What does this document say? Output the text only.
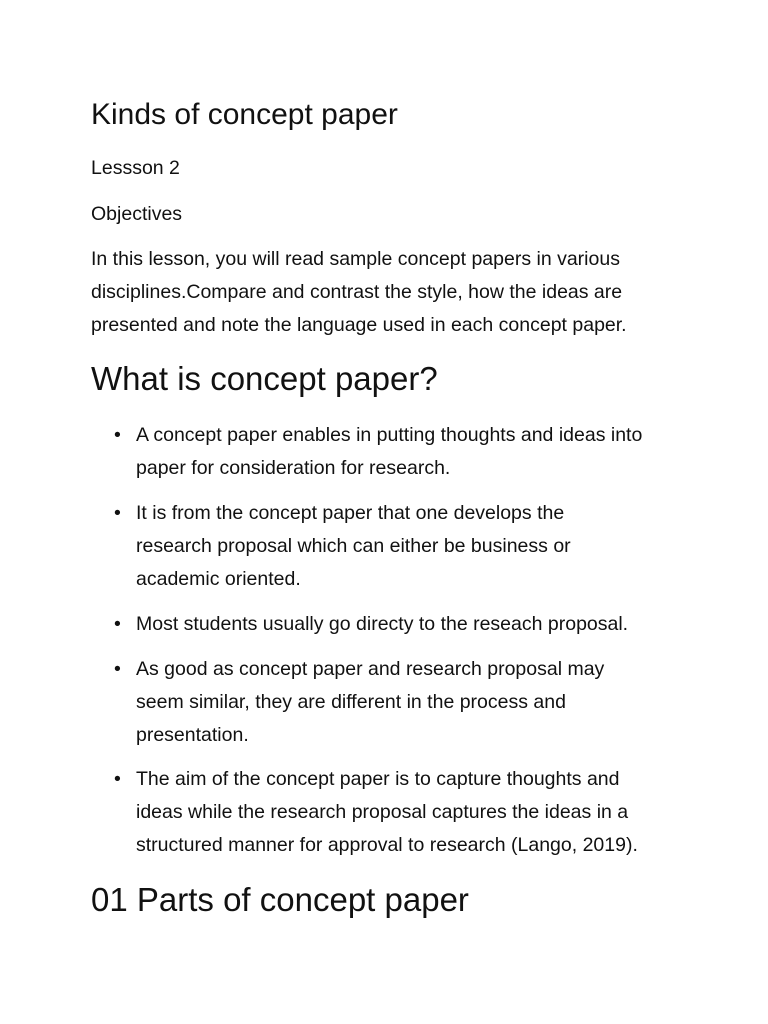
Kinds of concept paper

Lessson 2

Objectives

In this lesson, you will read sample concept papers in various
disciplines.Compare and contrast the style, how the ideas are
presented and note the language used in each concept paper.

What is concept paper?
• A concept paper enables in putting thoughts and ideas into
paper for consideration for research.
• It is from the concept paper that one develops the
research proposal which can either be business or
academic oriented.
• Most students usually go directy to the reseach proposal.
• As good as concept paper and research proposal may
seem similar, they are different in the process and
presentation.
• The aim of the concept paper is to capture thoughts and
ideas while the research proposal captures the ideas in a
structured manner for approval to research (Lango, 2019).
01 Parts of concept paper
